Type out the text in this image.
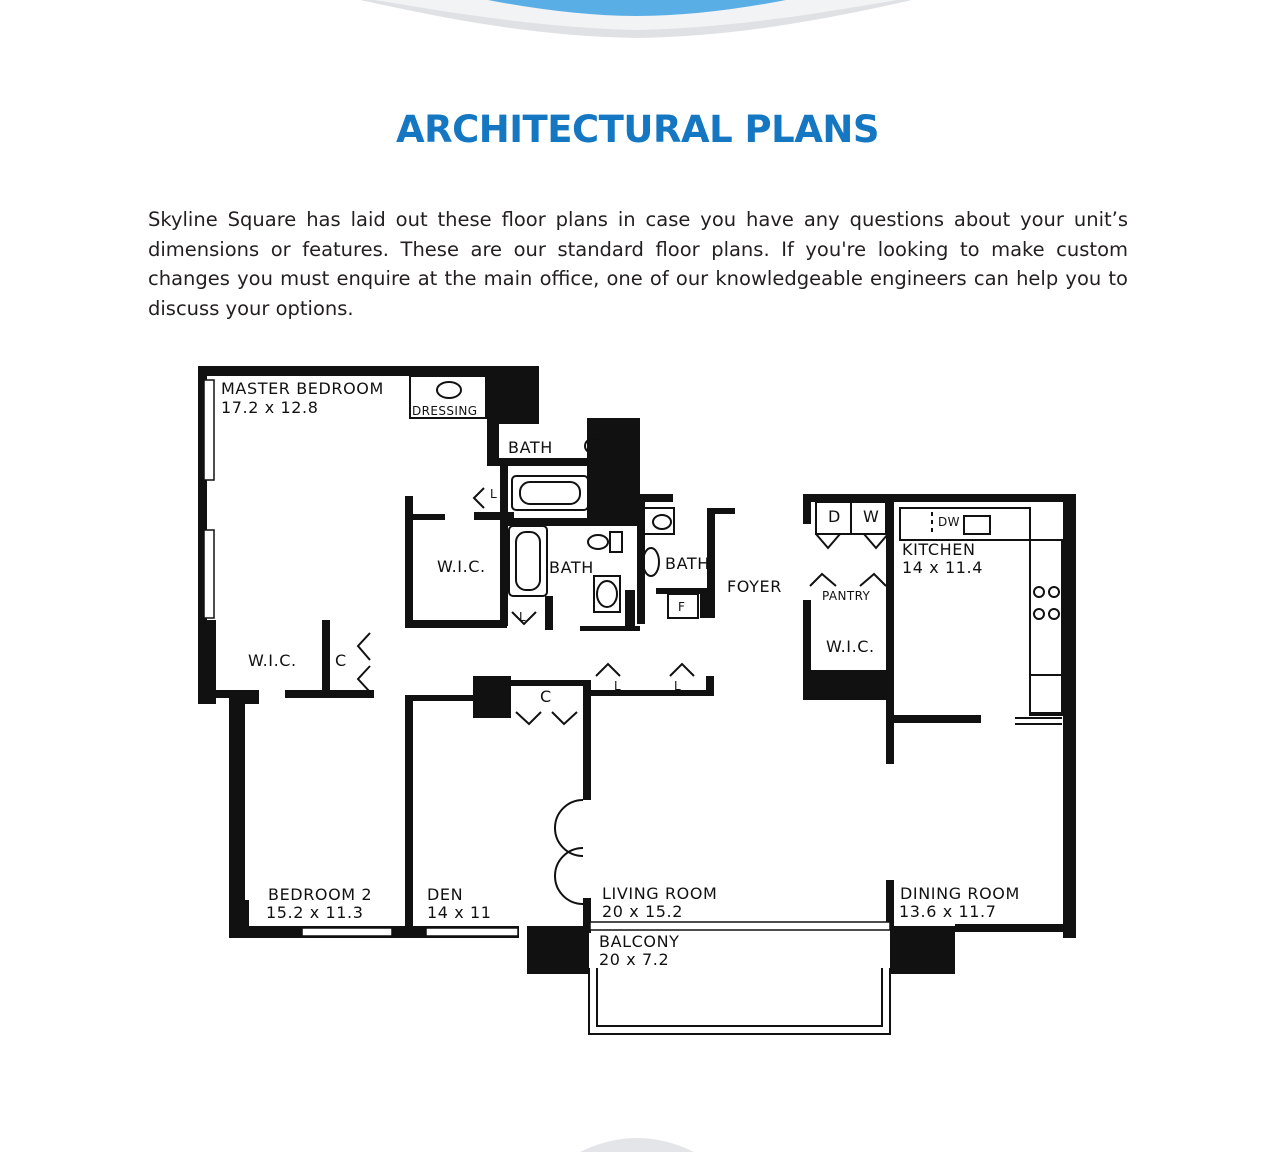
ARCHITECTURAL PLANS

Skyline Square has laid out these floor plans in case you have any questions about your unit’s dimensions or features. These are our standard floor plans. If you're looking to make custom changes you must enquire at the main office, one of our knowledgeable engineers can help you to discuss your options.

MASTER BEDROOM
17.2 x 12.8	DRESSING
BATH
BATH	BATH
W.I.C.
W.I.C.
W.I.C.
C
C
L
L
L	L
F
FOYER
D W	DW
PANTRY
KITCHEN
14 x 11.4
BEDROOM 2
15.2 x 11.3
DEN
14 x 11
LIVING ROOM
20 x 15.2
DINING ROOM
13.6 x 11.7
BALCONY
20 x 7.2
